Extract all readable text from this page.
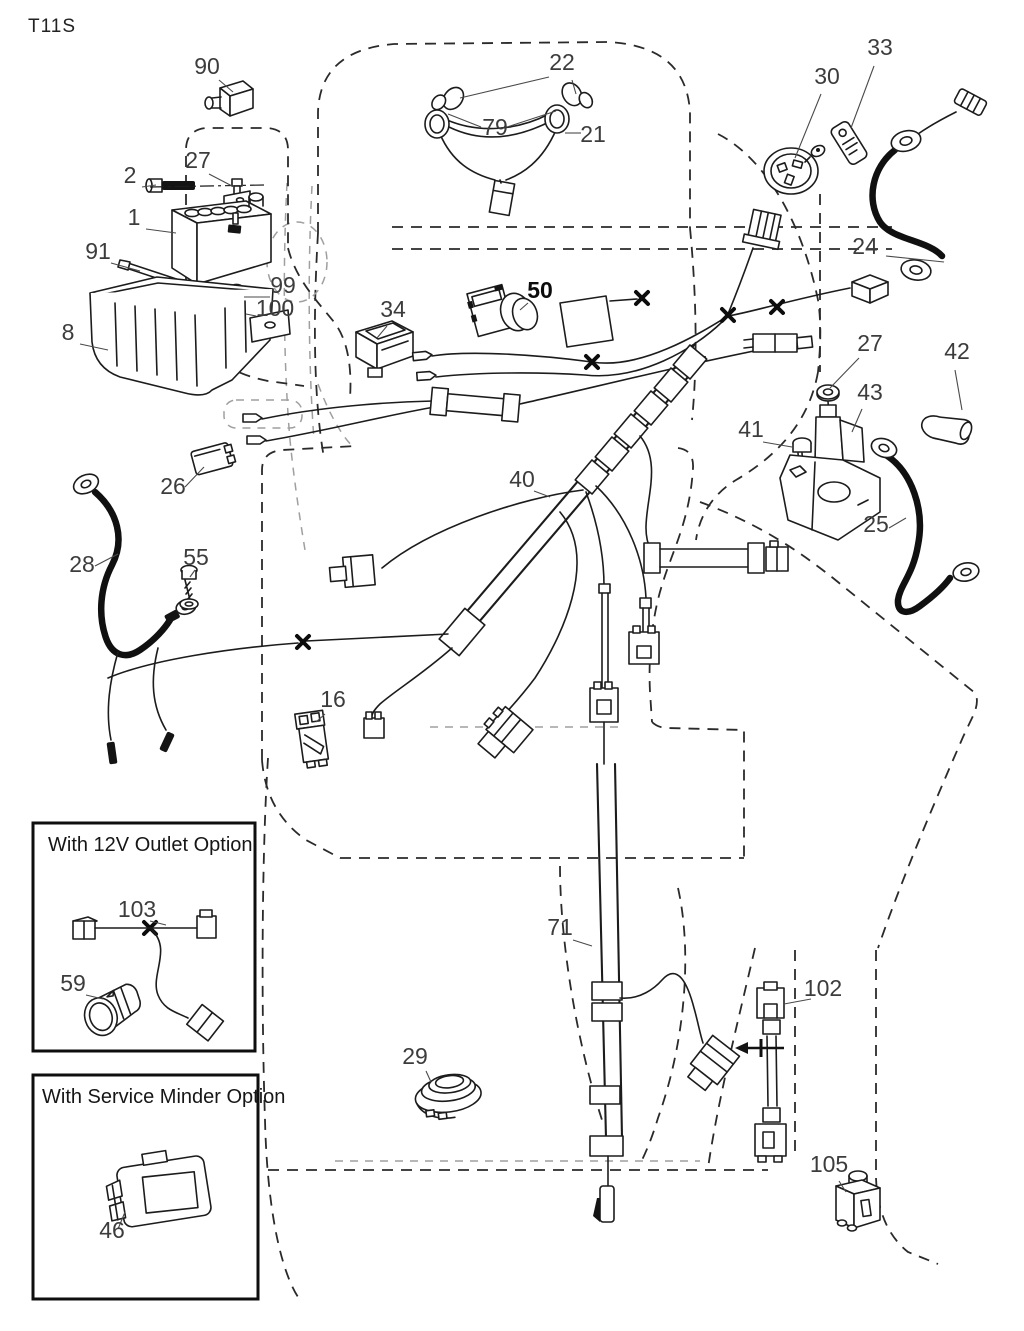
With 12V Outlet Option
With Service Minder Option
90	22
79	21
30
33
24
2
27
1
91
99
100
8
34
50
26	40
41
27
43
42
25
28	55
16
71
102
29
105
103
59
46
T11S
